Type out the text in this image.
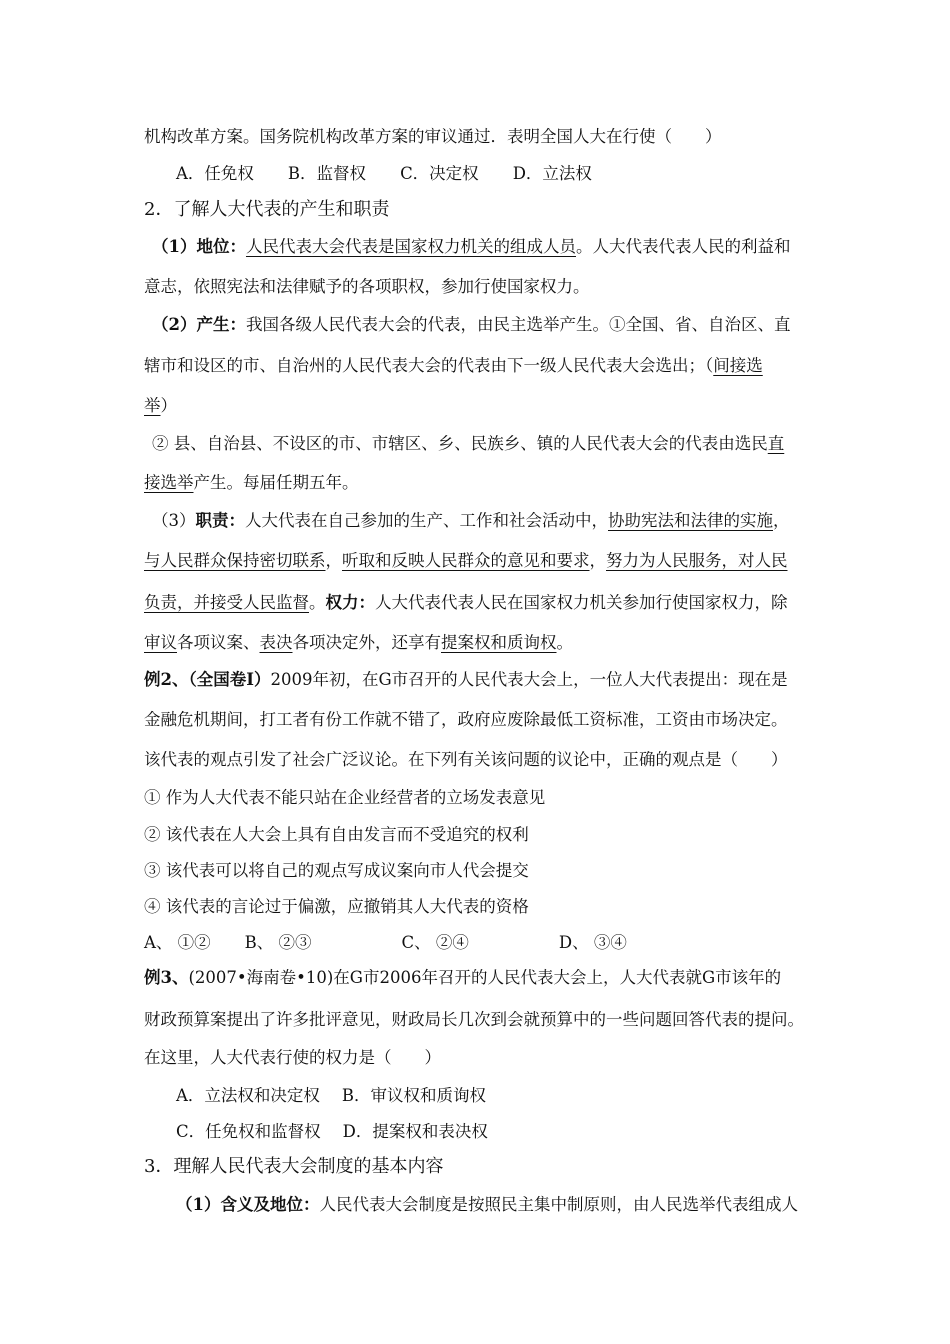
机构改革方案。国务院机构改革方案的审议通过．表明全国人大在行使（　　）
A．任免权 B．监督权 C．决定权 D．立法权
2．了解人大代表的产生和职责
（1）地位：人民代表大会代表是国家权力机关的组成人员。人大代表代表人民的利益和
意志，依照宪法和法律赋予的各项职权，参加行使国家权力。
（2）产生：我国各级人民代表大会的代表，由民主选举产生。①全国、省、自治区、直
辖市和设区的市、自治州的人民代表大会的代表由下一级人民代表大会选出；（间接选
举）
② 县、自治县、不设区的市、市辖区、乡、民族乡、镇的人民代表大会的代表由选民直
接选举产生。每届任期五年。
（3）职责：人大代表在自己参加的生产、工作和社会活动中，协助宪法和法律的实施，
与人民群众保持密切联系，听取和反映人民群众的意见和要求，努力为人民服务，对人民
负责，并接受人民监督。权力：人大代表代表人民在国家权力机关参加行使国家权力，除
审议各项议案、表决各项决定外，还享有提案权和质询权。
例2、（全国卷Ⅰ）2009年初，在G市召开的人民代表大会上，一位人大代表提出：现在是
金融危机期间，打工者有份工作就不错了，政府应废除最低工资标准，工资由市场决定。
该代表的观点引发了社会广泛议论。在下列有关该问题的议论中，正确的观点是（　　）
① 作为人大代表不能只站在企业经营者的立场发表意见
② 该代表在人大会上具有自由发言而不受追究的权利
③ 该代表可以将自己的观点写成议案向市人代会提交
④ 该代表的言论过于偏激，应撤销其人大代表的资格
A、 ①② B、 ②③	C、 ②④	D、 ③④
例3、(2007•海南卷•10)在G市2006年召开的人民代表大会上，人大代表就G市该年的
财政预算案提出了许多批评意见，财政局长几次到会就预算中的一些问题回答代表的提问。
在这里，人大代表行使的权力是（　　）
A．立法权和决定权 B．审议权和质询权
C．任免权和监督权 D．提案权和表决权
3．理解人民代表大会制度的基本内容
（1）含义及地位：人民代表大会制度是按照民主集中制原则，由人民选举代表组成人
